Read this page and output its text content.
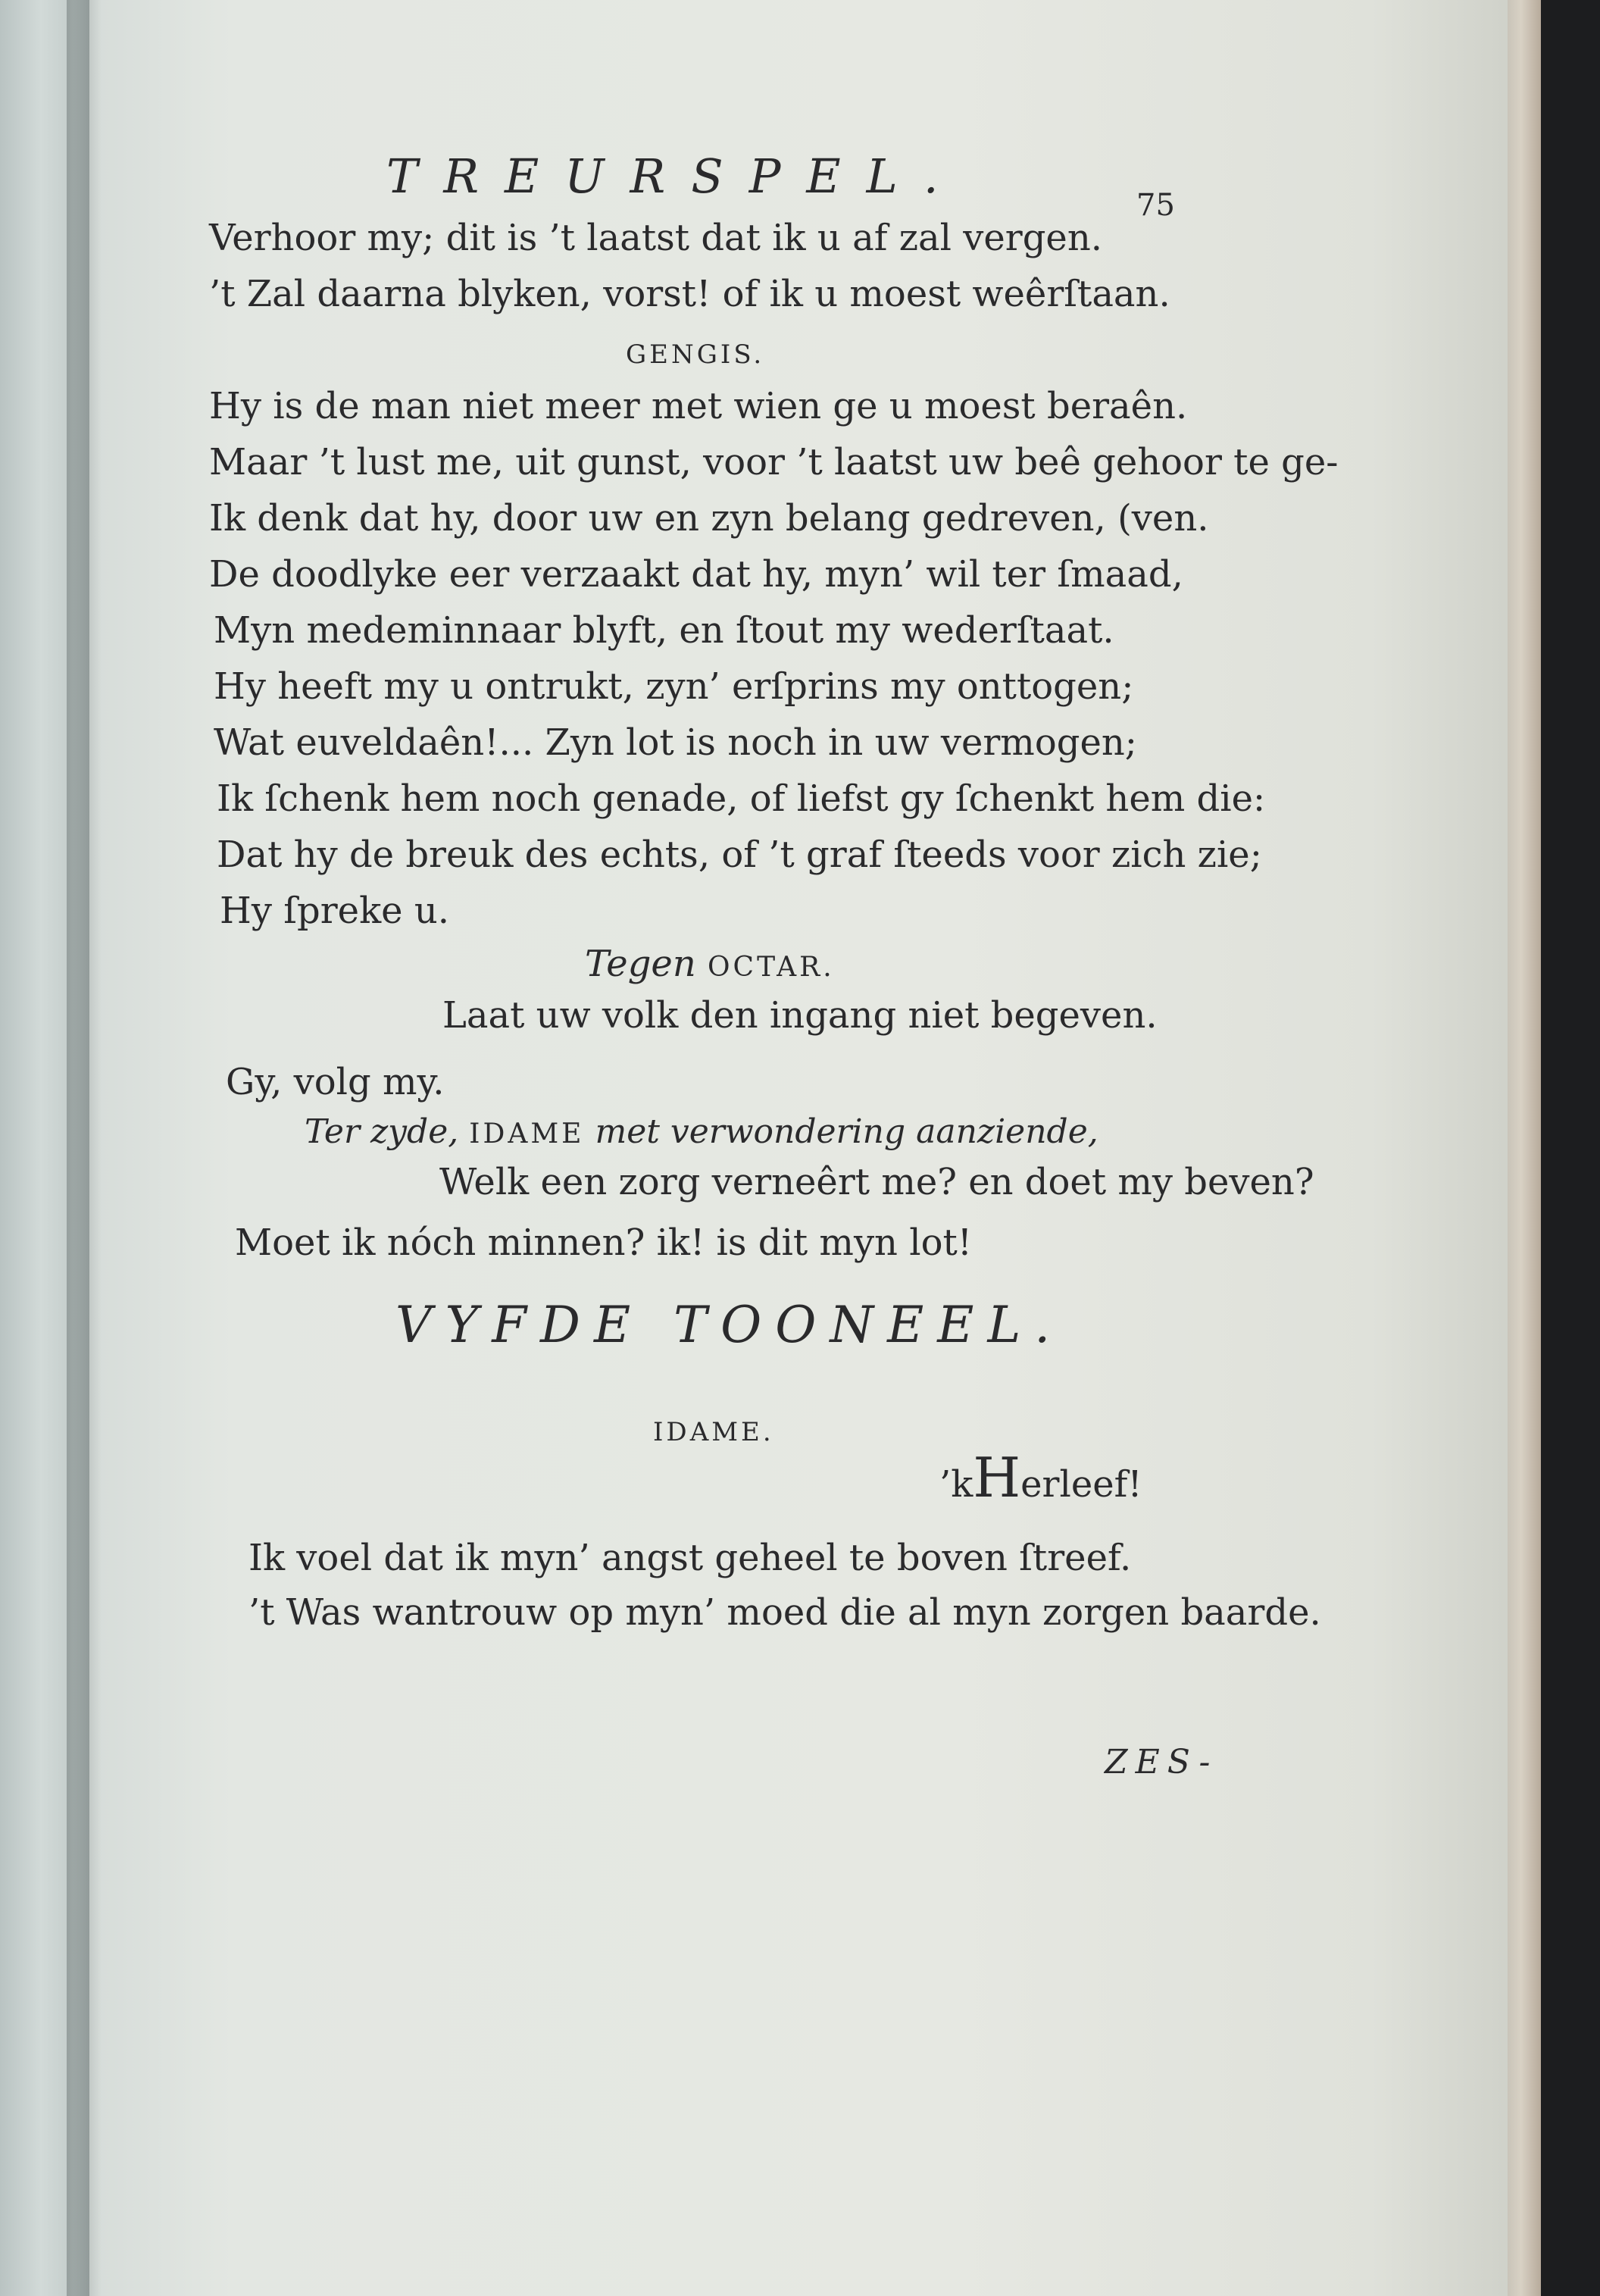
TREURSPEL.
75
Verhoor my; dit is ’t laatst dat ik u af zal vergen.
’t Zal daarna blyken, vorst! of ik u moest weêrſtaan.
GENGIS.
Hy is de man niet meer met wien ge u moest beraên.
Maar ’t lust me, uit gunst, voor ’t laatst uw beê gehoor te ge-
Ik denk dat hy, door uw en zyn belang gedreven, (ven.
De doodlyke eer verzaakt dat hy, myn’ wil ter ſmaad,
Myn medeminnaar blyft, en ſtout my wederſtaat.
Hy heeft my u ontrukt, zyn’ erſprins my onttogen;
Wat euveldaên!... Zyn lot is noch in uw vermogen;
Ik ſchenk hem noch genade, of liefst gy ſchenkt hem die:
Dat hy de breuk des echts, of ’t graf ſteeds voor zich zie;
Hy ſpreke u.
Tegen OCTAR.
Laat uw volk den ingang niet begeven.
Gy, volg my.
Ter zyde, IDAME met verwondering aanziende,
Welk een zorg verneêrt me? en doet my beven?
Moet ik nóch minnen? ik! is dit myn lot!
VYFDE TOONEEL.
IDAME.
’kHerleef!
Ik voel dat ik myn’ angst geheel te boven ſtreef.
’t Was wantrouw op myn’ moed die al myn zorgen baarde.
ZES-
